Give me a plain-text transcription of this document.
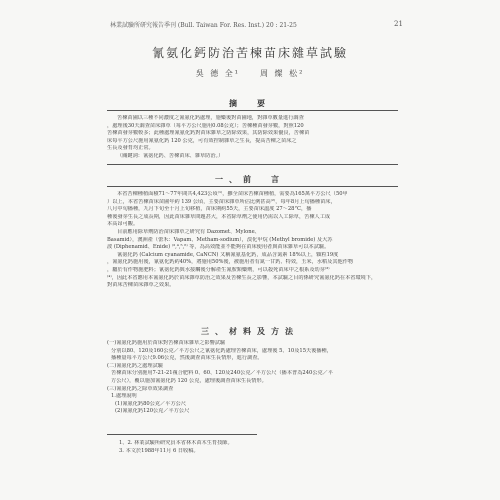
林業試驗所研究報告季刊 (Bull. Taiwan For. Res. Inst.) 20 : 21-25	21
氰氨化鈣防治苦楝苗床雜草試驗
吳 德 全¹　　周 燦 松²
摘　要
苦楝苗圃以三種不同濃度之氰氨化鈣處理，施藥後對苗圃地，對雜草數量進行調查
，處理後30天調查苗床雜草（每平方公尺施用0.08公克）；苦楝種苗發芽數，對照120
苦楝苗發芽數較多；此種處理氰氨化鈣對苗床雜草之防除效果，其防除效果優良，苦楝苗
床每平方公尺施用氰氨化鈣 120 公克，可有效控制雜草之生長，提高苦楝之苗床之
生長及發育均正常。
（關鍵詞：氰氨化鈣、苦楝苗床、雜草防治。）
一、前　言
本省苦楝種植面積71～77年間共4,423公頃⁽¹⁾，雖全苗床苦楝苗種植，需要為165萬平方公尺（50甲
）以上，本省苦楝苗床苗圃年約 139 公頃，主要苗床雜草所佔比例甚高⁽²⁾，每年8月上旬播種苗床，
八月中旬播種，九月下旬至十月上旬移植，苗床期約55天，主要苗床溫度 27～28°C，播
種後發芽生長之成長期，因此苗床雜草問題甚大，本省除草劑之使用仍需以人工除草，苦楝人工成
本高昂可觀。
目前應用除草劑防治苗床雜草之研究有 Dazomet、Mylone、
Basamid），澳洲產（蕾禾：Vapam、Metham-sodium），溴化甲烷 (Methyl bromide) 及大苏
波 (Diphenamid、Enide) ⁽³,⁴,⁵,⁶⁾ 等，為高效能並不能夠在苗床使用者與苗床雜草可以本試驗。
氰氨化鈣 (Calcium cyanamide, CaNCN) 又稱氰氨基化鈣，成品含氮素 18%以上，顆粒19度
，氰氨化鈣施用後，氰氨化鈣約40%，將施用50%後，被施用者有氮一甘鈣、特效，玉米，水稻及其他作物
，屬於有作物施肥料；氰氨化鈣與水接觸後分解產生氰胺類藥劑，可以殺死苗床中之根系及幼芽⁽³⁾
⁽⁴⁾，因此本省應用本氰氨化鈣於苗床雜草防治之效果及苦楝生長之影響，本試驗之目的係研究氰氨化鈣在本省環境下，
對苗床苦楝苗床雜草之效果。
三、材料及方法
(一)氰氨化鈣施用於苗床對苦楝苗床雜草之影響試驗
分別以80、120及160公克／平方公尺之氰氨化鈣處理苦楝苗床，處理後 5、10及15天後播種，
播種量每平方公尺9.06公克，然後調查苗床生長情形，進行調查。
(二)氰氨化鈣之處理試驗
苦楝苗床分別施用7-21-21複合肥料 0、60、120及240公克／平方公尺（播本普為240公克／平
方公尺），覆以施加氰氨化鈣 120 公克，處理後調查苗床生長情形。
(三)氰氨化鈣之除草效果調查
1.處理說明
(1)氰氨化鈣80公克／平方公尺
(2)氰氨化鈣120公克／平方公尺
1、2. 林業試驗所研究員本省林木苗木生育技師。
3. 本文於1988年11月 6 日收稿。
